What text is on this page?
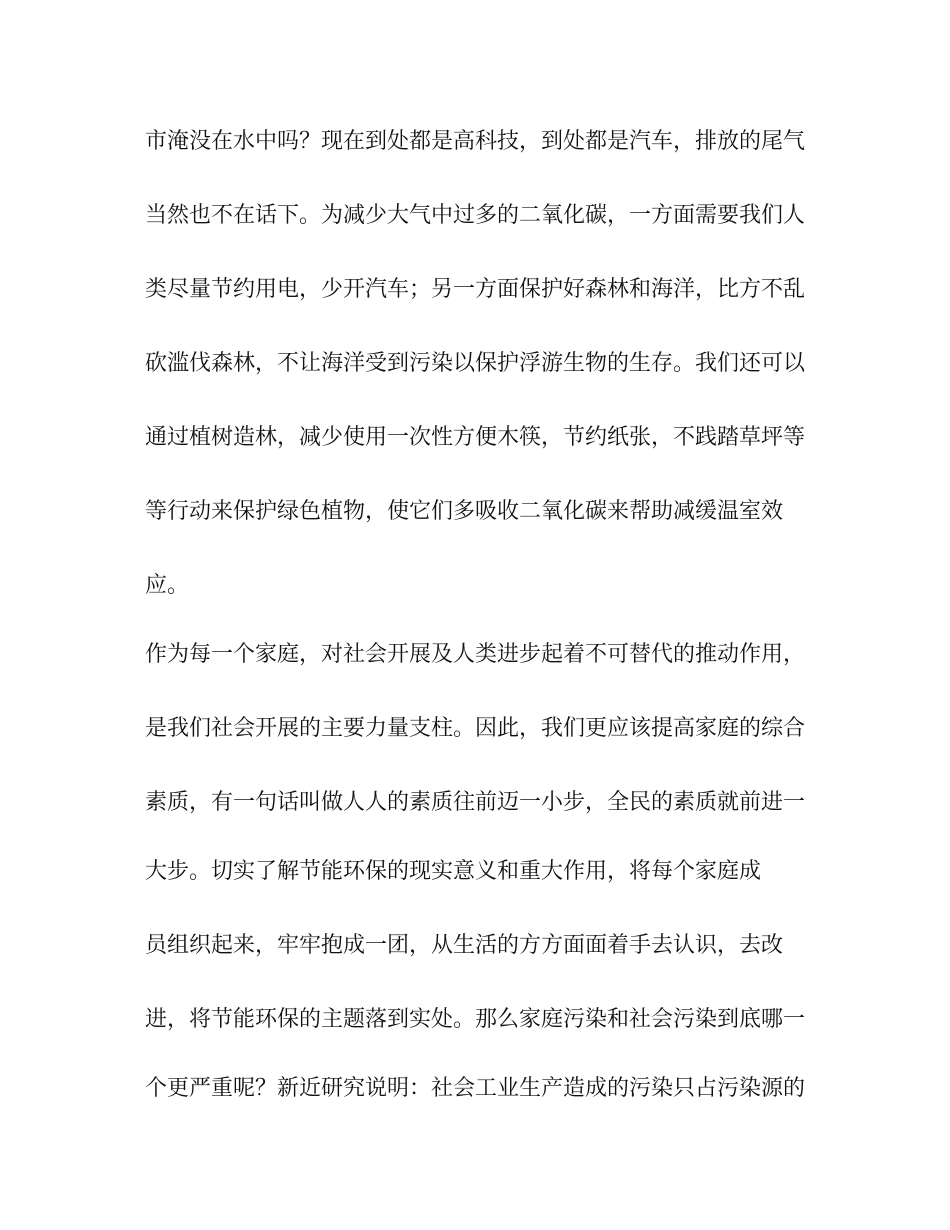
市淹没在水中吗？现在到处都是高科技，到处都是汽车，排放的尾气

当然也不在话下。为减少大气中过多的二氧化碳，一方面需要我们人

类尽量节约用电，少开汽车；另一方面保护好森林和海洋，比方不乱

砍滥伐森林，不让海洋受到污染以保护浮游生物的生存。我们还可以

通过植树造林，减少使用一次性方便木筷，节约纸张，不践踏草坪等

等行动来保护绿色植物，使它们多吸收二氧化碳来帮助减缓温室效

应。

作为每一个家庭，对社会开展及人类进步起着不可替代的推动作用，

是我们社会开展的主要力量支柱。因此，我们更应该提高家庭的综合

素质，有一句话叫做人人的素质往前迈一小步，全民的素质就前进一

大步。切实了解节能环保的现实意义和重大作用，将每个家庭成

员组织起来，牢牢抱成一团，从生活的方方面面着手去认识，去改

进，将节能环保的主题落到实处。那么家庭污染和社会污染到底哪一

个更严重呢？新近研究说明：社会工业生产造成的污染只占污染源的
